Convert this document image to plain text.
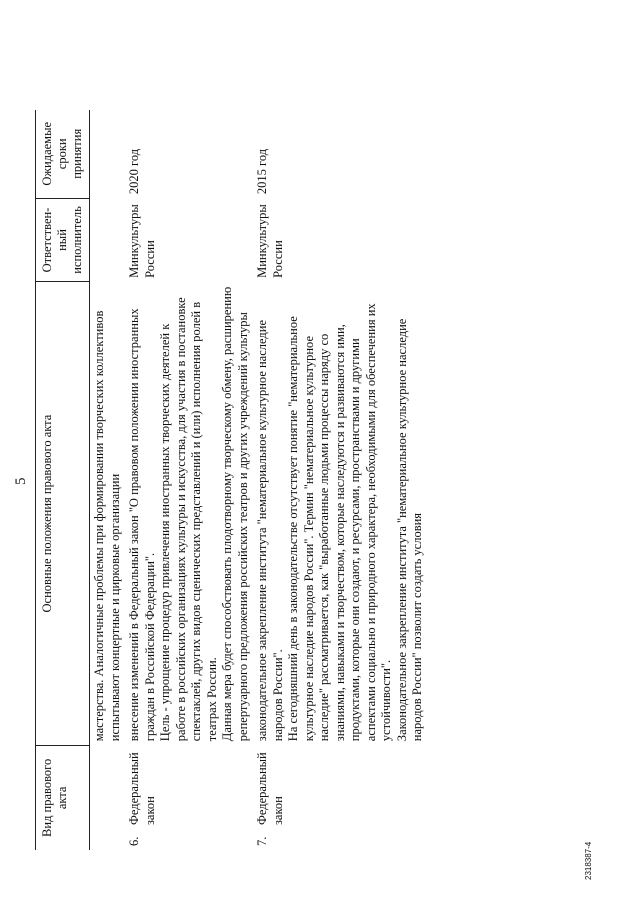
5
Вид правового акта		Основные положения правового акта	Ответствен-ный исполнитель	Ожидаемые сроки принятия
		мастерства. Аналогичные проблемы при формировании творческих коллективов испытывают концертные и цирковые организации		
6.	Федеральный закон	внесение изменений в Федеральный закон "О правовом положении иностранных граждан в Российской Федерации". Цель - упрощение процедур привлечения иностранных творческих деятелей к работе в российских организациях культуры и искусства, для участия в постановке спектаклей, других видов сценических представлений и (или) исполнения ролей в театрах России. Данная мера будет способствовать плодотворному творческому обмену, расширению репертуарного предложения российских театров и других учреждений культуры	Минкультуры России	2020 год
7.	Федеральный закон	законодательное закрепление института "нематериальное культурное наследие народов России". На сегодняшний день в законодательстве отсутствует понятие "нематериальное культурное наследие народов России". Термин "нематериальное культурное наследие" рассматривается, как "выработанные людьми процессы наряду со знаниями, навыками и творчеством, которые наследуются и развиваются ими, продуктами, которые они создают, и ресурсами, пространствами и другими аспектами социально и природного характера, необходимыми для обеспечения их устойчивости". Законодательное закрепление института "нематериальное культурное наследие народов России" позволит создать условия	Минкультуры России	2015 год
2318387-4
